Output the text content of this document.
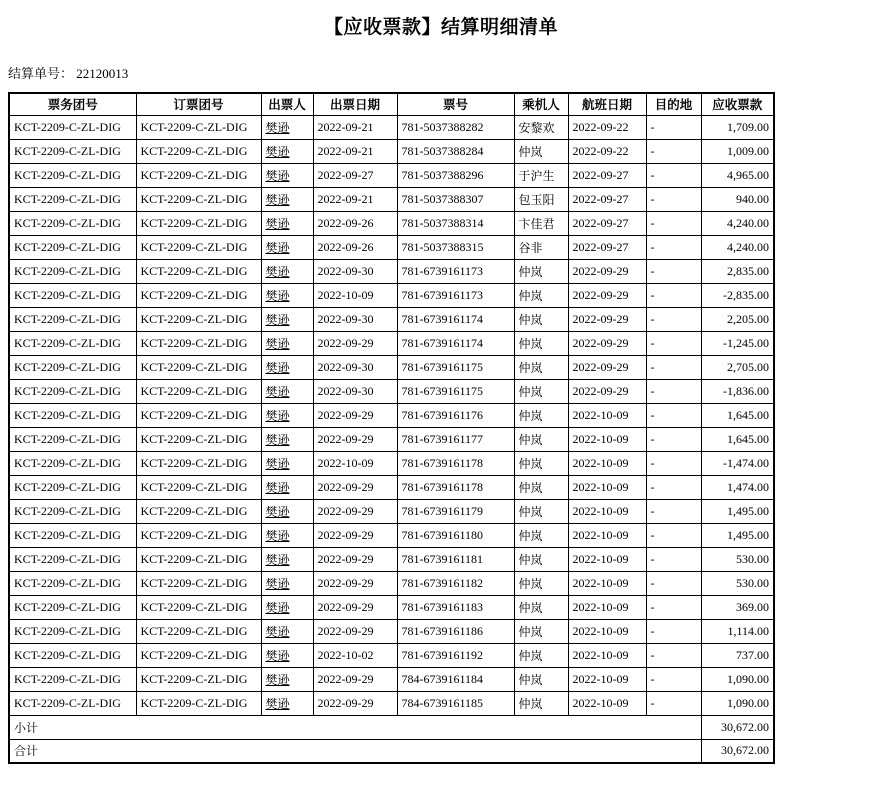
【应收票款】结算明细清单
结算单号： 22120013
票务团号	订票团号	出票人	出票日期	票号	乘机人	航班日期	目的地	应收票款
KCT-2209-C-ZL-DIG	KCT-2209-C-ZL-DIG	樊逊	2022-09-21	781-5037388282	安黎欢	2022-09-22	-	1,709.00
KCT-2209-C-ZL-DIG	KCT-2209-C-ZL-DIG	樊逊	2022-09-21	781-5037388284	仲岚	2022-09-22	-	1,009.00
KCT-2209-C-ZL-DIG	KCT-2209-C-ZL-DIG	樊逊	2022-09-27	781-5037388296	于沪生	2022-09-27	-	4,965.00
KCT-2209-C-ZL-DIG	KCT-2209-C-ZL-DIG	樊逊	2022-09-21	781-5037388307	包玉阳	2022-09-27	-	940.00
KCT-2209-C-ZL-DIG	KCT-2209-C-ZL-DIG	樊逊	2022-09-26	781-5037388314	卞佳君	2022-09-27	-	4,240.00
KCT-2209-C-ZL-DIG	KCT-2209-C-ZL-DIG	樊逊	2022-09-26	781-5037388315	谷非	2022-09-27	-	4,240.00
KCT-2209-C-ZL-DIG	KCT-2209-C-ZL-DIG	樊逊	2022-09-30	781-6739161173	仲岚	2022-09-29	-	2,835.00
KCT-2209-C-ZL-DIG	KCT-2209-C-ZL-DIG	樊逊	2022-10-09	781-6739161173	仲岚	2022-09-29	-	-2,835.00
KCT-2209-C-ZL-DIG	KCT-2209-C-ZL-DIG	樊逊	2022-09-30	781-6739161174	仲岚	2022-09-29	-	2,205.00
KCT-2209-C-ZL-DIG	KCT-2209-C-ZL-DIG	樊逊	2022-09-29	781-6739161174	仲岚	2022-09-29	-	-1,245.00
KCT-2209-C-ZL-DIG	KCT-2209-C-ZL-DIG	樊逊	2022-09-30	781-6739161175	仲岚	2022-09-29	-	2,705.00
KCT-2209-C-ZL-DIG	KCT-2209-C-ZL-DIG	樊逊	2022-09-30	781-6739161175	仲岚	2022-09-29	-	-1,836.00
KCT-2209-C-ZL-DIG	KCT-2209-C-ZL-DIG	樊逊	2022-09-29	781-6739161176	仲岚	2022-10-09	-	1,645.00
KCT-2209-C-ZL-DIG	KCT-2209-C-ZL-DIG	樊逊	2022-09-29	781-6739161177	仲岚	2022-10-09	-	1,645.00
KCT-2209-C-ZL-DIG	KCT-2209-C-ZL-DIG	樊逊	2022-10-09	781-6739161178	仲岚	2022-10-09	-	-1,474.00
KCT-2209-C-ZL-DIG	KCT-2209-C-ZL-DIG	樊逊	2022-09-29	781-6739161178	仲岚	2022-10-09	-	1,474.00
KCT-2209-C-ZL-DIG	KCT-2209-C-ZL-DIG	樊逊	2022-09-29	781-6739161179	仲岚	2022-10-09	-	1,495.00
KCT-2209-C-ZL-DIG	KCT-2209-C-ZL-DIG	樊逊	2022-09-29	781-6739161180	仲岚	2022-10-09	-	1,495.00
KCT-2209-C-ZL-DIG	KCT-2209-C-ZL-DIG	樊逊	2022-09-29	781-6739161181	仲岚	2022-10-09	-	530.00
KCT-2209-C-ZL-DIG	KCT-2209-C-ZL-DIG	樊逊	2022-09-29	781-6739161182	仲岚	2022-10-09	-	530.00
KCT-2209-C-ZL-DIG	KCT-2209-C-ZL-DIG	樊逊	2022-09-29	781-6739161183	仲岚	2022-10-09	-	369.00
KCT-2209-C-ZL-DIG	KCT-2209-C-ZL-DIG	樊逊	2022-09-29	781-6739161186	仲岚	2022-10-09	-	1,114.00
KCT-2209-C-ZL-DIG	KCT-2209-C-ZL-DIG	樊逊	2022-10-02	781-6739161192	仲岚	2022-10-09	-	737.00
KCT-2209-C-ZL-DIG	KCT-2209-C-ZL-DIG	樊逊	2022-09-29	784-6739161184	仲岚	2022-10-09	-	1,090.00
KCT-2209-C-ZL-DIG	KCT-2209-C-ZL-DIG	樊逊	2022-09-29	784-6739161185	仲岚	2022-10-09	-	1,090.00
小计								30,672.00
合计								30,672.00
